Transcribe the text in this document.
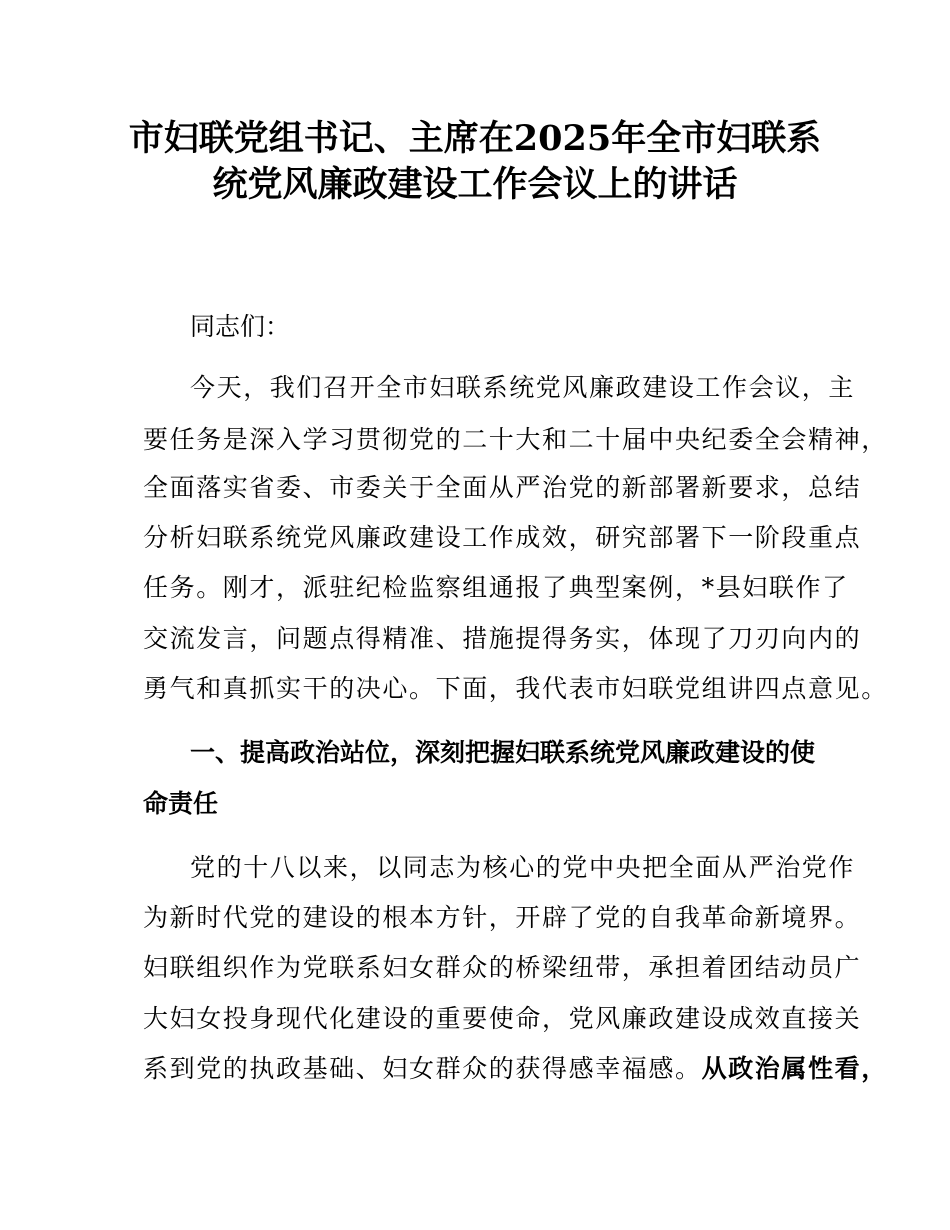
市妇联党组书记、主席在2025年全市妇联系
统党风廉政建设工作会议上的讲话
同志们：
今天，我们召开全市妇联系统党风廉政建设工作会议，主
要任务是深入学习贯彻党的二十大和二十届中央纪委全会精神，
全面落实省委、市委关于全面从严治党的新部署新要求，总结
分析妇联系统党风廉政建设工作成效，研究部署下一阶段重点
任务。刚才，派驻纪检监察组通报了典型案例，*县妇联作了
交流发言，问题点得精准、措施提得务实，体现了刀刃向内的
勇气和真抓实干的决心。下面，我代表市妇联党组讲四点意见。
一、提高政治站位，深刻把握妇联系统党风廉政建设的使
命责任
党的十八以来，以同志为核心的党中央把全面从严治党作
为新时代党的建设的根本方针，开辟了党的自我革命新境界。
妇联组织作为党联系妇女群众的桥梁纽带，承担着团结动员广
大妇女投身现代化建设的重要使命，党风廉政建设成效直接关
系到党的执政基础、妇女群众的获得感幸福感。从政治属性看，
